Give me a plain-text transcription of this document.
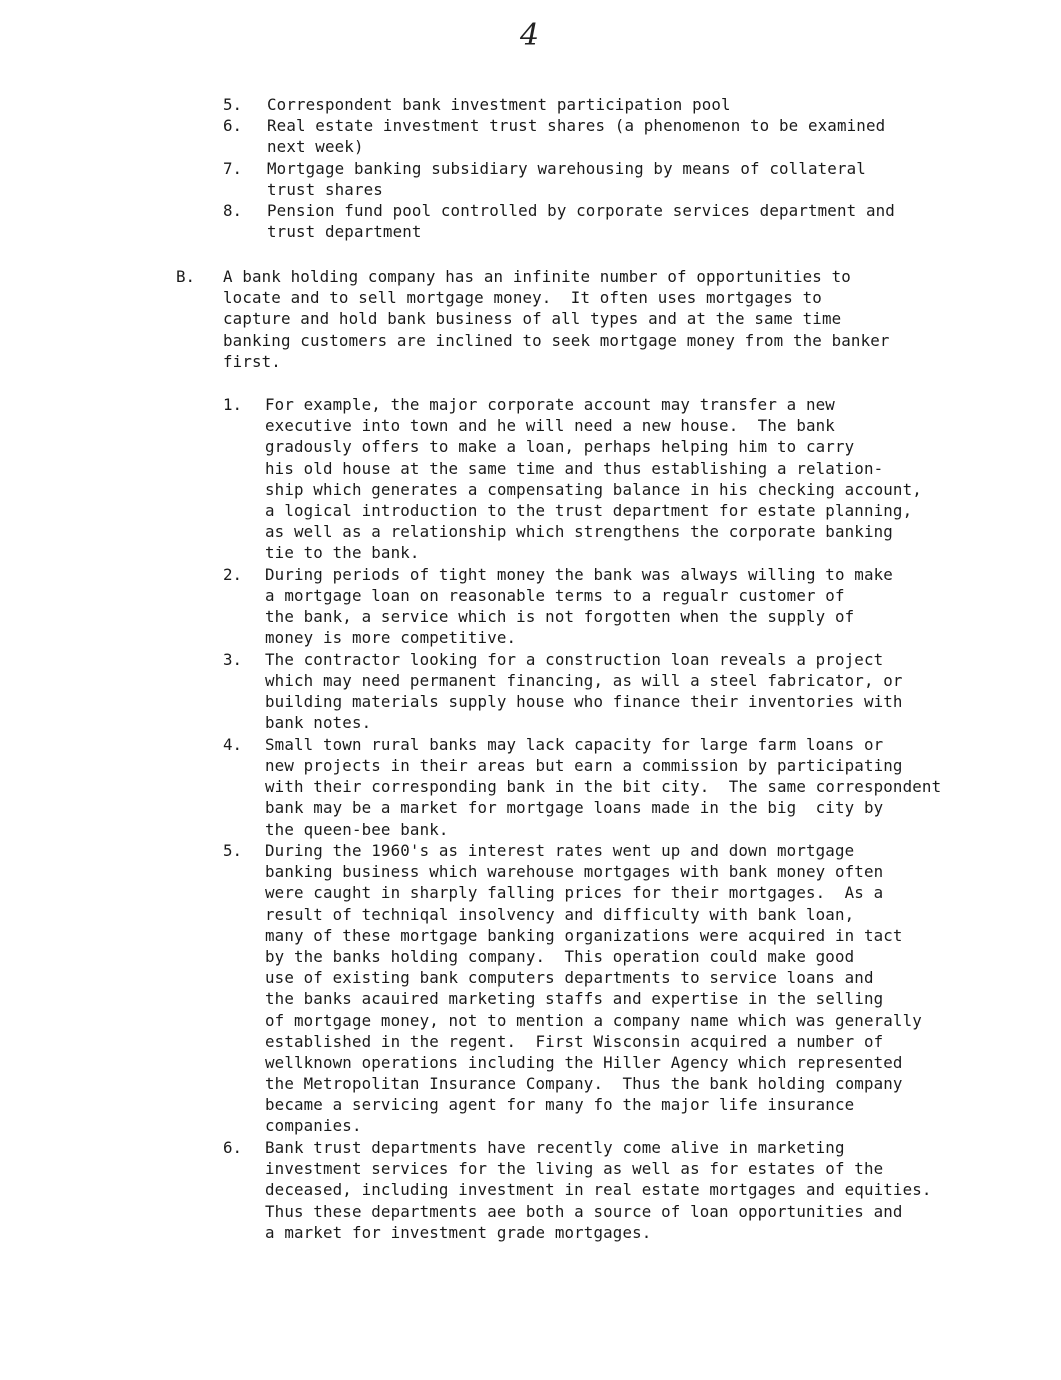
4
5.	Correspondent bank investment participation pool
6.	Real estate investment trust shares (a phenomenon to be examined
next week)
7.	Mortgage banking subsidiary warehousing by means of collateral
trust shares
8.	Pension fund pool controlled by corporate services department and
trust department
B.	A bank holding company has an infinite number of opportunities to
locate and to sell mortgage money.  It often uses mortgages to
capture and hold bank business of all types and at the same time
banking customers are inclined to seek mortgage money from the banker
first.
1.	For example, the major corporate account may transfer a new
executive into town and he will need a new house.  The bank
gradously offers to make a loan, perhaps helping him to carry
his old house at the same time and thus establishing a relation-
ship which generates a compensating balance in his checking account,
a logical introduction to the trust department for estate planning,
as well as a relationship which strengthens the corporate banking
tie to the bank.
2.	During periods of tight money the bank was always willing to make
a mortgage loan on reasonable terms to a regualr customer of
the bank, a service which is not forgotten when the supply of
money is more competitive.
3.	The contractor looking for a construction loan reveals a project
which may need permanent financing, as will a steel fabricator, or
building materials supply house who finance their inventories with
bank notes.
4.	Small town rural banks may lack capacity for large farm loans or
new projects in their areas but earn a commission by participating
with their corresponding bank in the bit city.  The same correspondent
bank may be a market for mortgage loans made in the big  city by
the queen-bee bank.
5.	During the 1960's as interest rates went up and down mortgage
banking business which warehouse mortgages with bank money often
were caught in sharply falling prices for their mortgages.  As a
result of techniqal insolvency and difficulty with bank loan,
many of these mortgage banking organizations were acquired in tact
by the banks holding company.  This operation could make good
use of existing bank computers departments to service loans and
the banks acauired marketing staffs and expertise in the selling
of mortgage money, not to mention a company name which was generally
established in the regent.  First Wisconsin acquired a number of
wellknown operations including the Hiller Agency which represented
the Metropolitan Insurance Company.  Thus the bank holding company
became a servicing agent for many fo the major life insurance
companies.
6.	Bank trust departments have recently come alive in marketing
investment services for the living as well as for estates of the
deceased, including investment in real estate mortgages and equities.
Thus these departments aee both a source of loan opportunities and
a market for investment grade mortgages.
